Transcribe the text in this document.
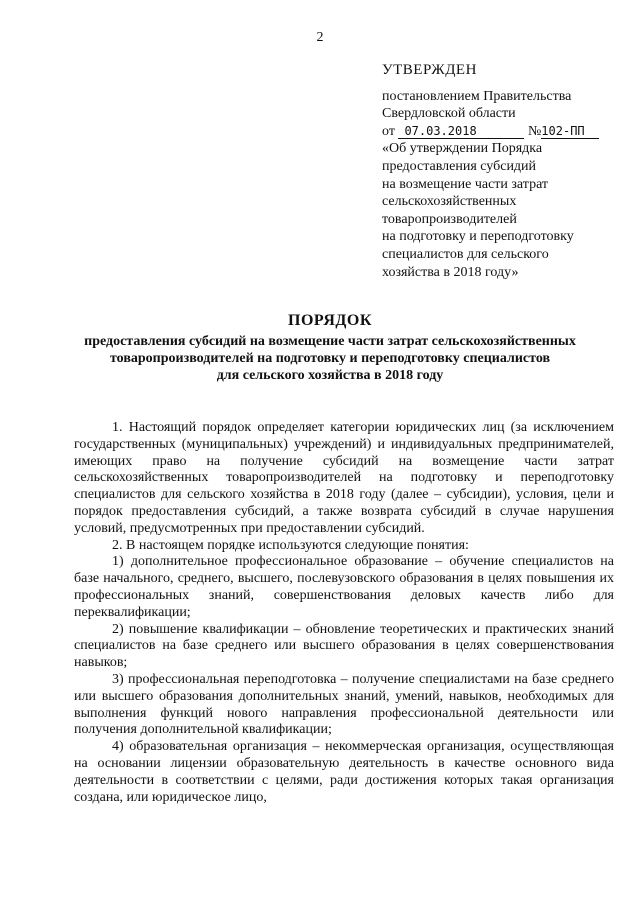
2
УТВЕРЖДЕН
постановлением Правительства
Свердловской области
от 07.03.2018	№102-ПП
«Об утверждении Порядка
предоставления субсидий
на возмещение части затрат
сельскохозяйственных
товаропроизводителей
на подготовку и переподготовку
специалистов для сельского
хозяйства в 2018 году»
ПОРЯДОК
предоставления субсидий на возмещение части затрат сельскохозяйственных
товаропроизводителей на подготовку и переподготовку специалистов
для сельского хозяйства в 2018 году

1. Настоящий порядок определяет категории юридических лиц (за исключением государственных (муниципальных) учреждений) и индивидуальных предпринимателей, имеющих право на получение субсидий на возмещение части затрат сельскохозяйственных товаропроизводителей на подготовку и переподготовку специалистов для сельского хозяйства в 2018 году (далее – субсидии), условия, цели и порядок предоставления субсидий, а также возврата субсидий в случае нарушения условий, предусмотренных при предоставлении субсидий.

2. В настоящем порядке используются следующие понятия:

1) дополнительное профессиональное образование – обучение специалистов на базе начального, среднего, высшего, послевузовского образования в целях повышения их профессиональных знаний, совершенствования деловых качеств либо для переквалификации;

2) повышение квалификации – обновление теоретических и практических знаний специалистов на базе среднего или высшего образования в целях совершенствования навыков;

3) профессиональная переподготовка – получение специалистами на базе среднего или высшего образования дополнительных знаний, умений, навыков, необходимых для выполнения функций нового направления профессиональной деятельности или получения дополнительной квалификации;

4) образовательная организация – некоммерческая организация, осуществляющая на основании лицензии образовательную деятельность в качестве основного вида деятельности в соответствии с целями, ради достижения которых такая организация создана, или юридическое лицо,
